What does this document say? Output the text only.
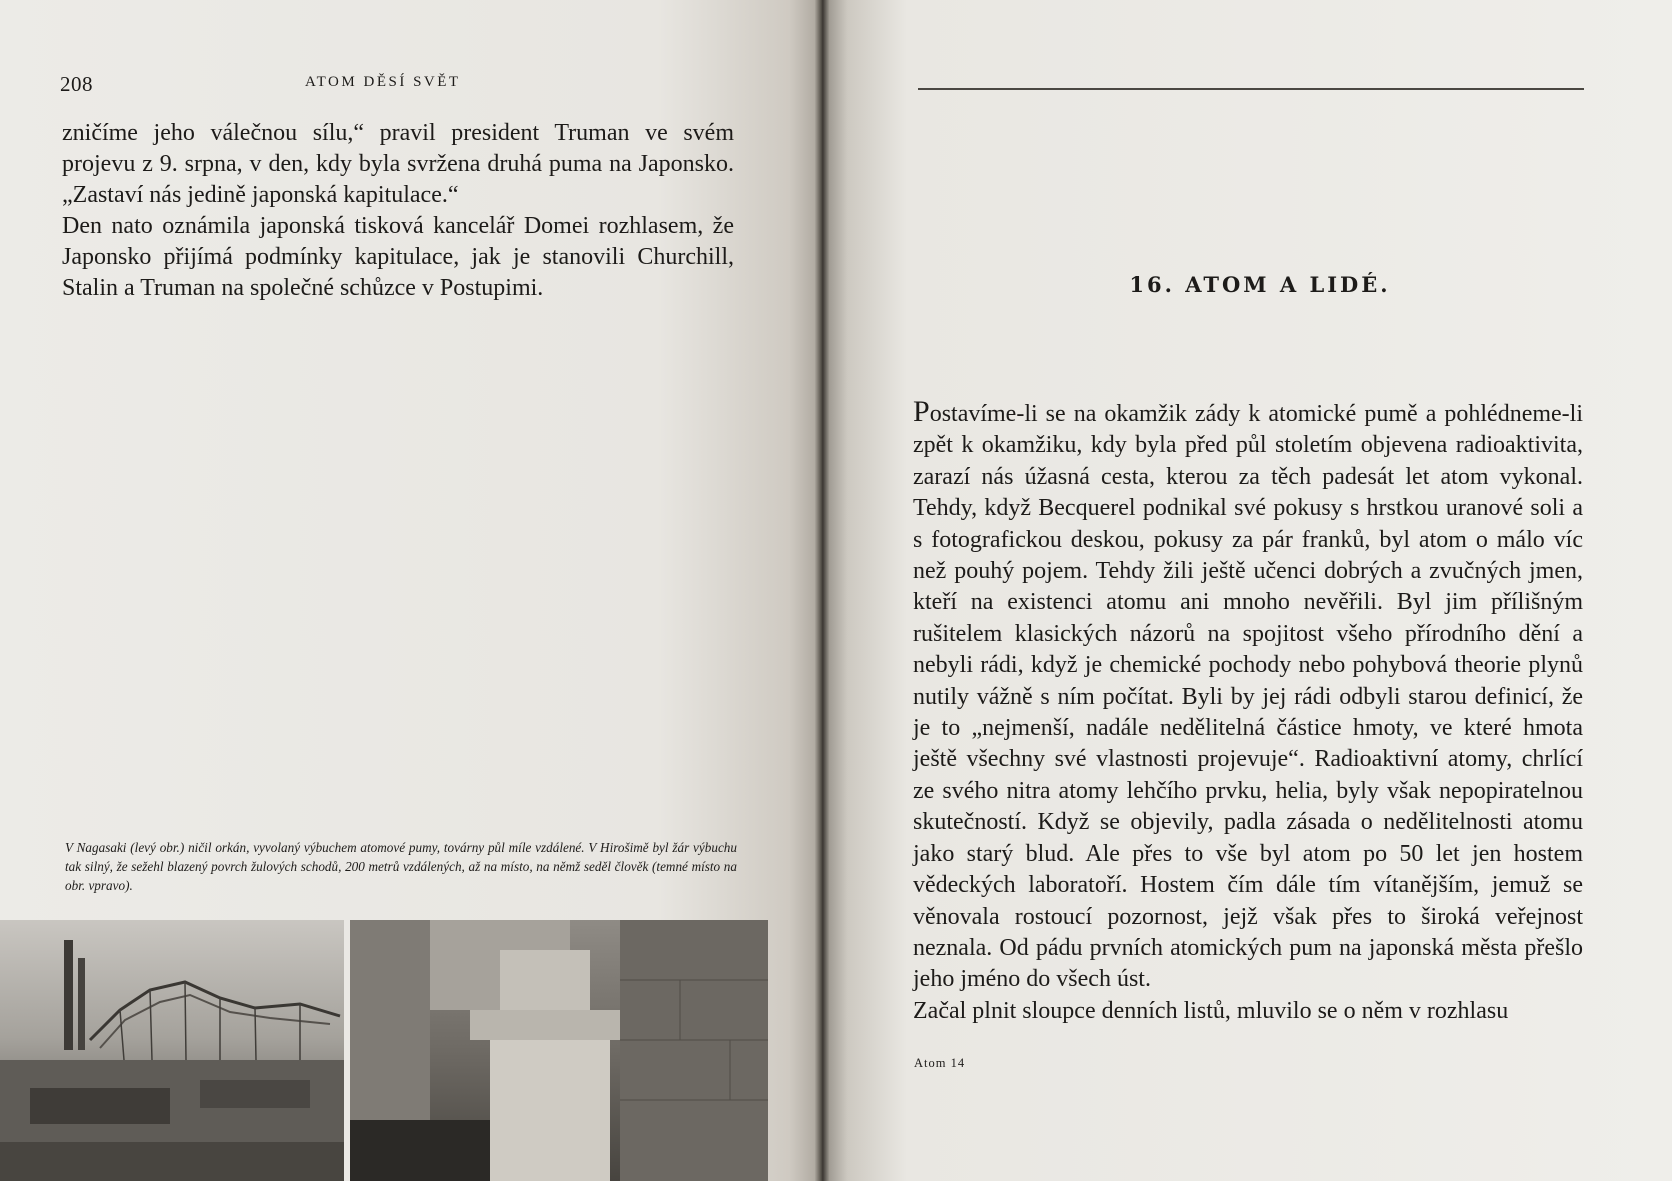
208	ATOM DĚSÍ SVĚT

zničíme jeho válečnou sílu,“ pravil president Truman ve svém projevu z 9. srpna, v den, kdy byla svržena druhá puma na Japonsko. „Zastaví nás jedině japonská kapitulace.“

Den nato oznámila japonská tisková kancelář Domei rozhlasem, že Japonsko přijímá podmínky kapitulace, jak je stanovili Churchill, Stalin a Truman na společné schůzce v Postupimi.

V Nagasaki (levý obr.) ničil orkán, vyvolaný výbuchem atomové pumy, továrny půl míle vzdálené. V Hirošimě byl žár výbuchu tak silný, že sežehl blazený povrch žulových schodů, 200 metrů vzdálených, až na místo, na němž seděl člověk (temné místo na obr. vpravo).
16. ATOM A LIDÉ.

Postavíme-li se na okamžik zády k atomické pumě a pohlédneme-li zpět k okamžiku, kdy byla před půl stoletím objevena radioaktivita, zarazí nás úžasná cesta, kterou za těch padesát let atom vykonal. Tehdy, když Becquerel podnikal své pokusy s hrstkou uranové soli a s fotografickou deskou, pokusy za pár franků, byl atom o málo víc než pouhý pojem. Tehdy žili ještě učenci dobrých a zvučných jmen, kteří na existenci atomu ani mnoho nevěřili. Byl jim přílišným rušitelem klasických názorů na spojitost všeho přírodního dění a nebyli rádi, když je chemické pochody nebo pohybová theorie plynů nutily vážně s ním počítat. Byli by jej rádi odbyli starou definicí, že je to „nejmenší, nadále nedělitelná částice hmoty, ve které hmota ještě všechny své vlastnosti projevuje“. Radioaktivní atomy, chrlící ze svého nitra atomy lehčího prvku, helia, byly však nepopiratelnou skutečností. Když se objevily, padla zásada o nedělitelnosti atomu jako starý blud. Ale přes to vše byl atom po 50 let jen hostem vědeckých laboratoří. Hostem čím dále tím vítanějším, jemuž se věnovala rostoucí pozornost, jejž však přes to široká veřejnost neznala. Od pádu prvních atomických pum na japonská města přešlo jeho jméno do všech úst.

Začal plnit sloupce denních listů, mluvilo se o něm v rozhlasu

Atom 14
